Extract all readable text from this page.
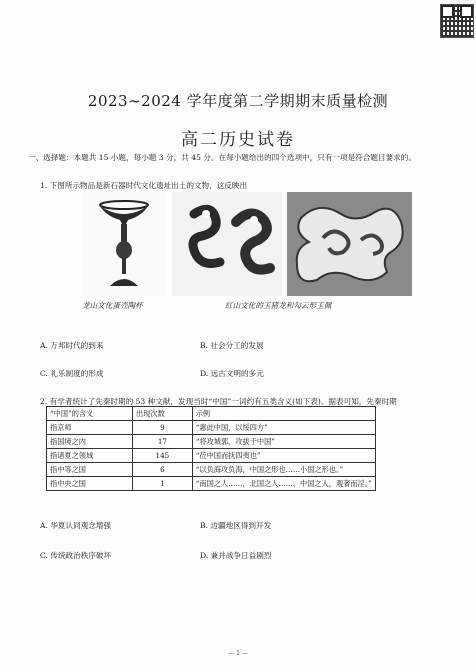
2023~2024 学年度第二学期期末质量检测
高二历史试卷
一、选择题：本题共 15 小题，每小题 3 分，共 45 分。在每小题给出的四个选项中，只有一项是符合题目要求的。
1. 下图所示物品是新石器时代文化遗址出土的文物，这反映出
龙山文化蛋壳陶杯	红山文化的玉猪龙和勾云形玉佩
A. 万邦时代的到来	B. 社会分工的发展
C. 礼乐制度的形成	D. 远古文明的多元
2. 有学者统计了先秦时期的 53 种文献，发现当时“中国”一词约有五类含义(如下表)。据表可知，先秦时期
“中国”的含义	出现次数	示例
指京师	9	“惠此中国，以绥四方”
指国境之内	17	“将攻城郭，攻拔于中国”
指诸夏之领域	145	“莅中国而抚四夷也”
指中等之国	6	“以负海攻负海，中国之形也……小国之形也。”
指中央之国	1	“南国之人……，北国之人……，中国之人，观奢而淫。”
A. 华夏认同观念增强	B. 边疆地区得到开发
C. 传统政治秩序破坏	D. 兼并战争日益剧烈
— 1 —
